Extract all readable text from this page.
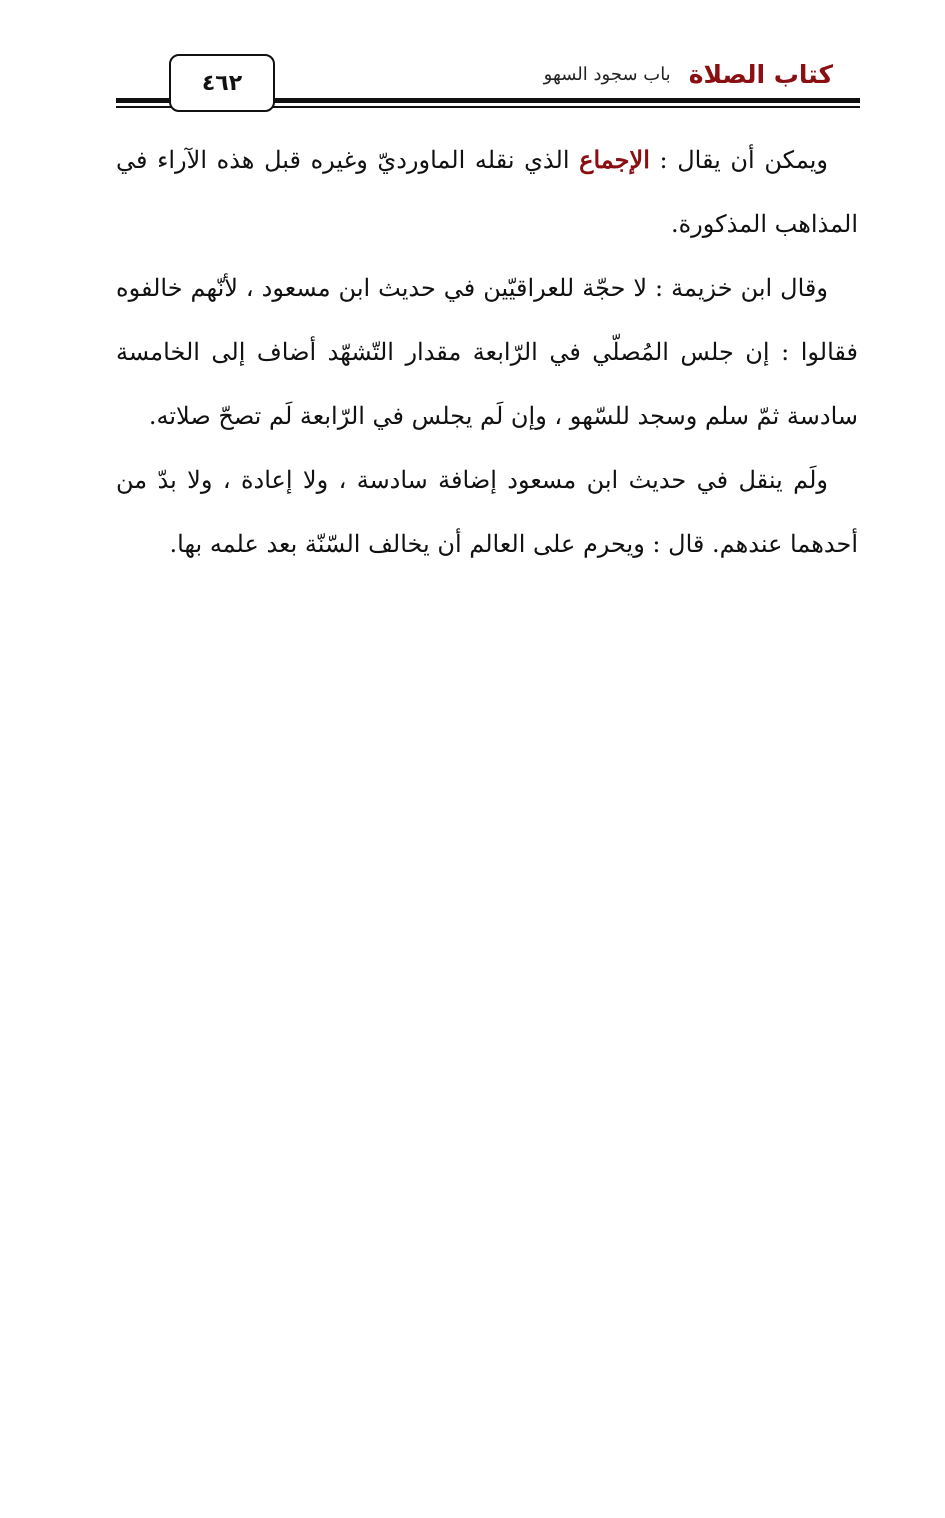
٤٦٢	كتاب الصلاة
باب سجود السهو

ويمكن أن يقال : الإجماع الذي نقله الماورديّ وغيره قبل هذه الآراء في المذاهب المذكورة.

وقال ابن خزيمة : لا حجّة للعراقيّين في حديث ابن مسعود ، لأنّهم خالفوه فقالوا : إن جلس المُصلّي في الرّابعة مقدار التّشهّد أضاف إلى الخامسة سادسة ثمّ سلم وسجد للسّهو ، وإن لَم يجلس في الرّابعة لَم تصحّ صلاته.

ولَم ينقل في حديث ابن مسعود إضافة سادسة ، ولا إعادة ، ولا بدّ من أحدهما عندهم. قال : ويحرم على العالم أن يخالف السّنّة بعد علمه بها.
